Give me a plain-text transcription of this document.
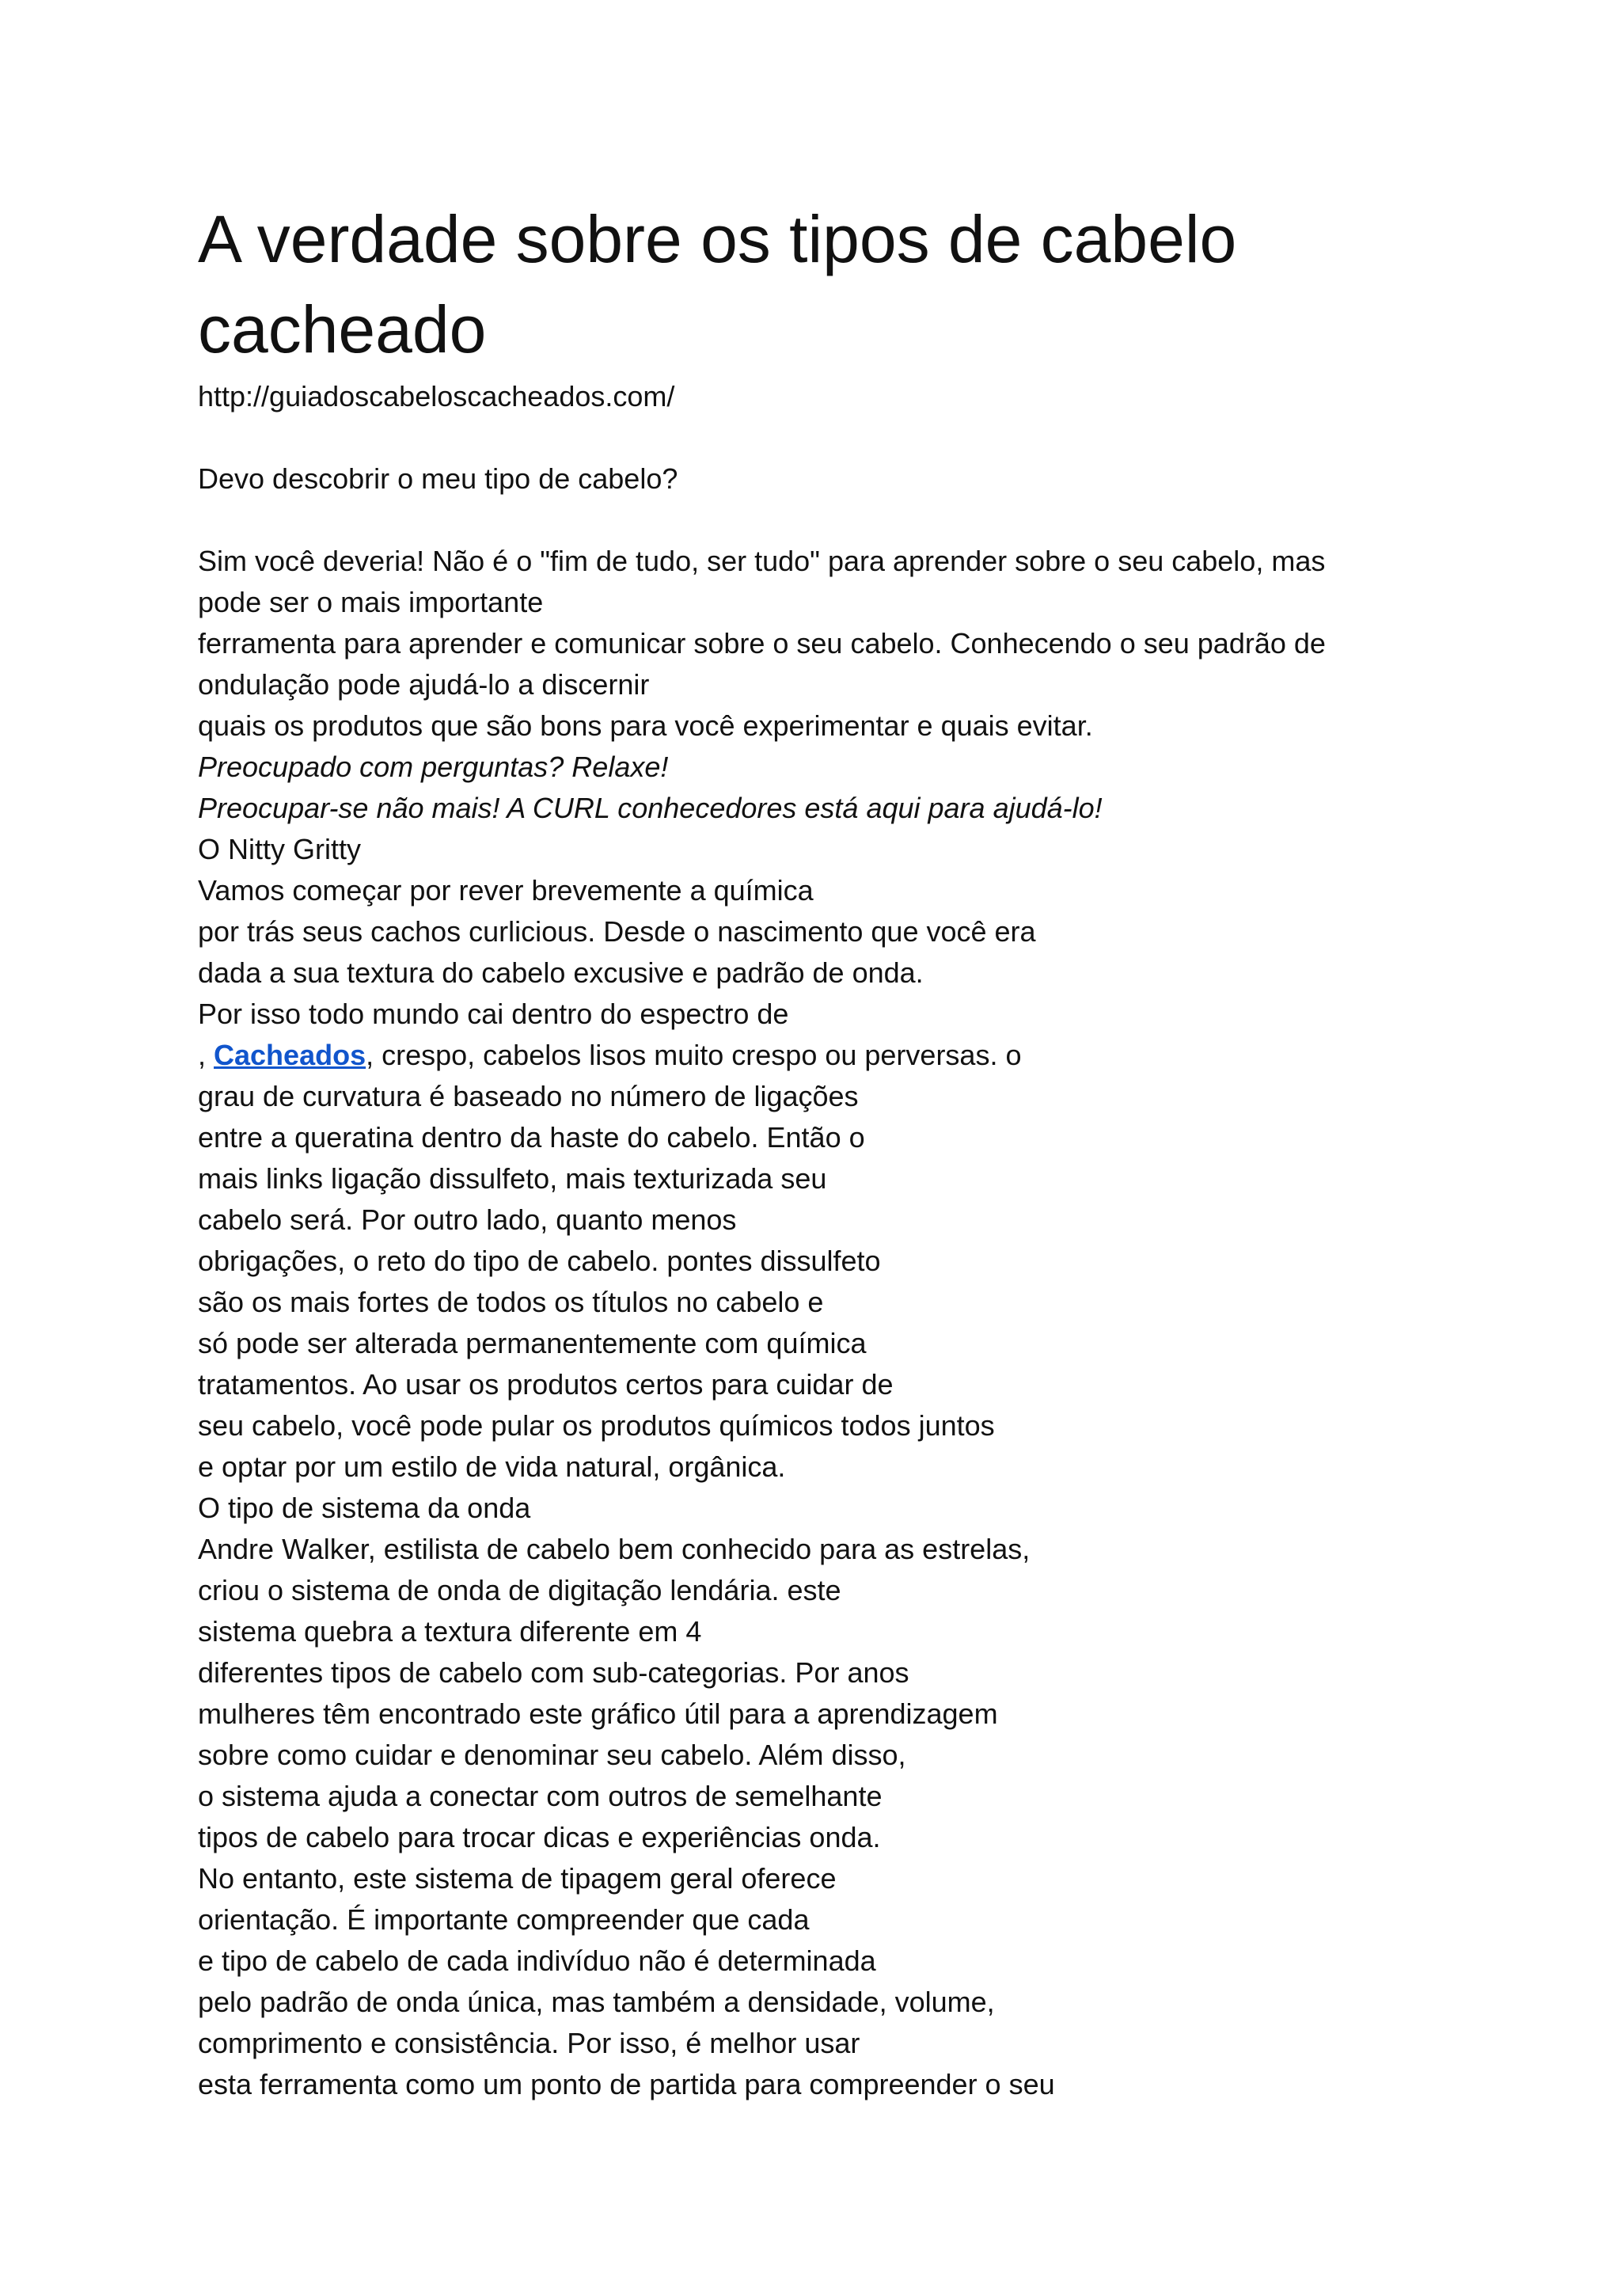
A verdade sobre os tipos de cabelo cacheado
http://guiadoscabeloscacheados.com/
Devo descobrir o meu tipo de cabelo?
Sim você deveria! Não é o "fim de tudo, ser tudo" para aprender sobre o seu cabelo, mas
pode ser o mais importante
ferramenta para aprender e comunicar sobre o seu cabelo. Conhecendo o seu padrão de
ondulação pode ajudá-lo a discernir
quais os produtos que são bons para você experimentar e quais evitar.
Preocupado com perguntas? Relaxe!
Preocupar-se não mais! A CURL conhecedores está aqui para ajudá-lo!
O Nitty Gritty
Vamos começar por rever brevemente a química
por trás seus cachos curlicious. Desde o nascimento que você era
dada a sua textura do cabelo excusive e padrão de onda.
Por isso todo mundo cai dentro do espectro de
, Cacheados, crespo, cabelos lisos muito crespo ou perversas. o
grau de curvatura é baseado no número de ligações
entre a queratina dentro da haste do cabelo. Então o
mais links ligação dissulfeto, mais texturizada seu
cabelo será. Por outro lado, quanto menos
obrigações, o reto do tipo de cabelo. pontes dissulfeto
são os mais fortes de todos os títulos no cabelo e
só pode ser alterada permanentemente com química
tratamentos. Ao usar os produtos certos para cuidar de
seu cabelo, você pode pular os produtos químicos todos juntos
e optar por um estilo de vida natural, orgânica.
O tipo de sistema da onda
Andre Walker, estilista de cabelo bem conhecido para as estrelas,
criou o sistema de onda de digitação lendária. este
sistema quebra a textura diferente em 4
diferentes tipos de cabelo com sub-categorias. Por anos
mulheres têm encontrado este gráfico útil para a aprendizagem
sobre como cuidar e denominar seu cabelo. Além disso,
o sistema ajuda a conectar com outros de semelhante
tipos de cabelo para trocar dicas e experiências onda.
No entanto, este sistema de tipagem geral oferece
orientação. É importante compreender que cada
e tipo de cabelo de cada indivíduo não é determinada
pelo padrão de onda única, mas também a densidade, volume,
comprimento e consistência. Por isso, é melhor usar
esta ferramenta como um ponto de partida para compreender o seu
